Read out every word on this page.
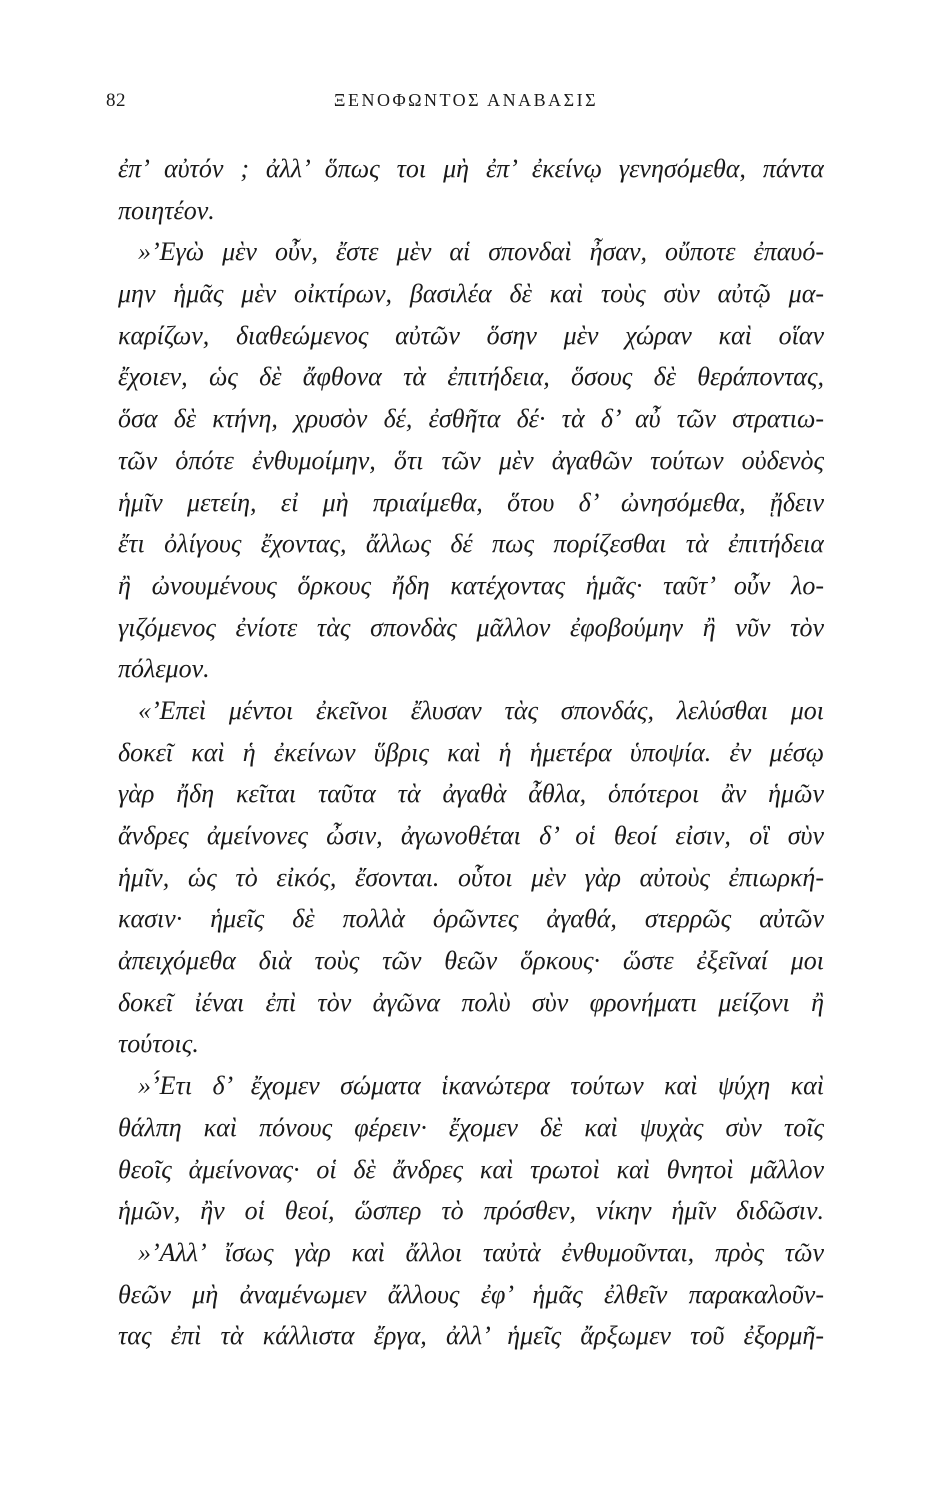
82	ΞΕΝΟΦΩΝΤΟΣ ΑΝΑΒΑΣΙΣ
ἐπ’ αὐτόν ; ἀλλ’ ὅπως τοι μὴ ἐπ’ ἐκείνῳ γενησόμεθα, πάντα
ποιητέον.
»’Εγὼ μὲν οὖν, ἔστε μὲν αἱ σπονδαὶ ἦσαν, οὔποτε ἐπαυό-
μην ἡμᾶς μὲν οἰκτίρων, βασιλέα δὲ καὶ τοὺς σὺν αὐτῷ μα-
καρίζων, διαθεώμενος αὐτῶν ὅσην μὲν χώραν καὶ οἵαν
ἔχοιεν, ὡς δὲ ἄφθονα τὰ ἐπιτήδεια, ὅσους δὲ θεράποντας,
ὅσα δὲ κτήνη, χρυσὸν δέ, ἐσθῆτα δέ· τὰ δ’ αὖ τῶν στρατιω-
τῶν ὁπότε ἐνθυμοίμην, ὅτι τῶν μὲν ἀγαθῶν τούτων οὐδενὸς
ἡμῖν μετείη, εἰ μὴ πριαίμεθα, ὅτου δ’ ὠνησόμεθα, ᾔδειν
ἔτι ὀλίγους ἔχοντας, ἄλλως δέ πως πορίζεσθαι τὰ ἐπιτήδεια
ἢ ὠνουμένους ὅρκους ἤδη κατέχοντας ἡμᾶς· ταῦτ’ οὖν λο-
γιζόμενος ἐνίοτε τὰς σπονδὰς μᾶλλον ἐφοβούμην ἢ νῦν τὸν
πόλεμον.
«’Επεὶ μέντοι ἐκεῖνοι ἔλυσαν τὰς σπονδάς, λελύσθαι μοι
δοκεῖ καὶ ἡ ἐκείνων ὕβρις καὶ ἡ ἡμετέρα ὑποψία. ἐν μέσῳ
γὰρ ἤδη κεῖται ταῦτα τὰ ἀγαθὰ ἆθλα, ὁπότεροι ἂν ἡμῶν
ἄνδρες ἀμείνονες ὦσιν, ἀγωνοθέται δ’ οἱ θεοί εἰσιν, οἳ σὺν
ἡμῖν, ὡς τὸ εἰκός, ἔσονται. οὗτοι μὲν γὰρ αὐτοὺς ἐπιωρκή-
κασιν· ἡμεῖς δὲ πολλὰ ὁρῶντες ἀγαθά, στερρῶς αὐτῶν
ἀπειχόμεθα διὰ τοὺς τῶν θεῶν ὅρκους· ὥστε ἐξεῖναί μοι
δοκεῖ ἰέναι ἐπὶ τὸν ἀγῶνα πολὺ σὺν φρονήματι μείζονι ἢ
τούτοις.
»’́Ετι δ’ ἔχομεν σώματα ἱκανώτερα τούτων καὶ ψύχη καὶ
θάλπη καὶ πόνους φέρειν· ἔχομεν δὲ καὶ ψυχὰς σὺν τοῖς
θεοῖς ἀμείνονας· οἱ δὲ ἄνδρες καὶ τρωτοὶ καὶ θνητοὶ μᾶλλον
ἡμῶν, ἢν οἱ θεοί, ὥσπερ τὸ πρόσθεν, νίκην ἡμῖν διδῶσιν.
»’Αλλ’ ἴσως γὰρ καὶ ἄλλοι ταὐτὰ ἐνθυμοῦνται, πρὸς τῶν
θεῶν μὴ ἀναμένωμεν ἄλλους ἐφ’ ἡμᾶς ἐλθεῖν παρακαλοῦν-
τας ἐπὶ τὰ κάλλιστα ἔργα, ἀλλ’ ἡμεῖς ἄρξωμεν τοῦ ἐξορμῆ-
